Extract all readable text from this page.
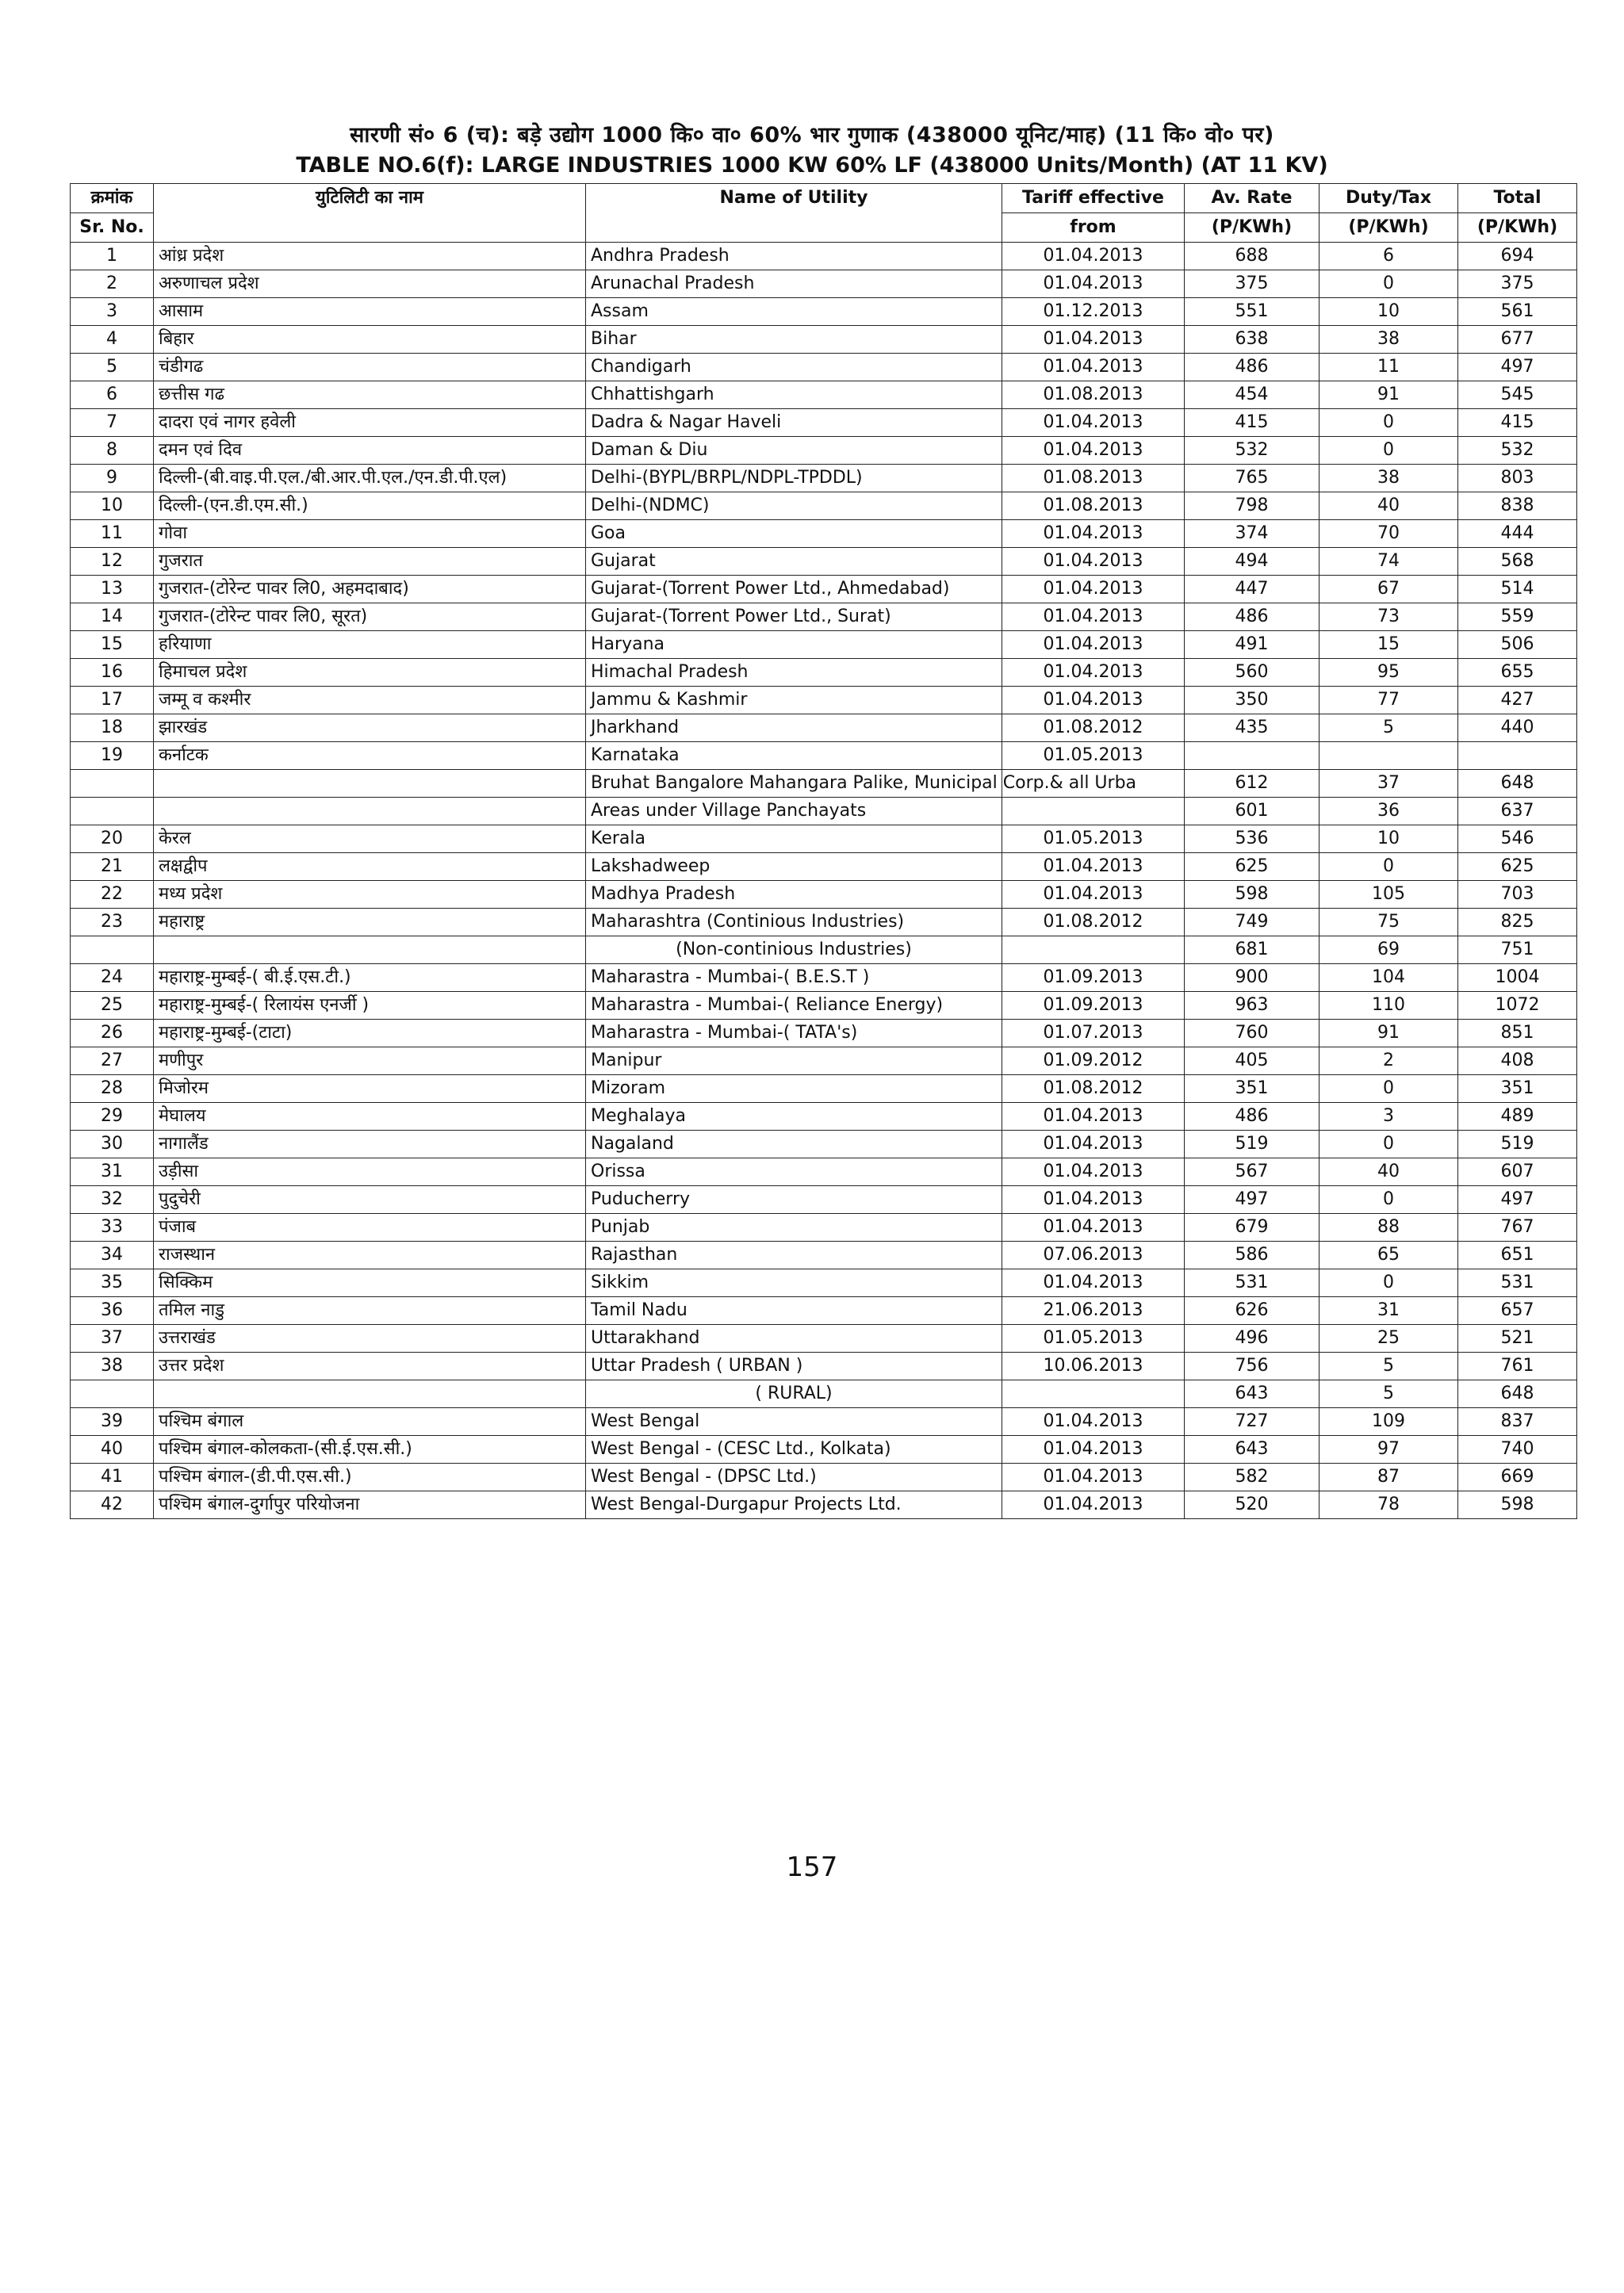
सारणी सं० 6 (च): बड़े उद्योग 1000 कि० वा० 60% भार गुणाक (438000 यूनिट/माह) (11 कि० वो० पर)
TABLE NO.6(f): LARGE INDUSTRIES 1000 KW 60% LF (438000 Units/Month) (AT 11 KV)
क्रमांक	युटिलिटी का नाम	Name of Utility	Tariff effective	Av. Rate	Duty/Tax	Total
Sr. No.			from	(P/KWh)	(P/KWh)	(P/KWh)
1	आंध्र प्रदेश	Andhra Pradesh	01.04.2013	688	6	694
2	अरुणाचल प्रदेश	Arunachal Pradesh	01.04.2013	375	0	375
3	आसाम	Assam	01.12.2013	551	10	561
4	बिहार	Bihar	01.04.2013	638	38	677
5	चंडीगढ	Chandigarh	01.04.2013	486	11	497
6	छत्तीस गढ	Chhattishgarh	01.08.2013	454	91	545
7	दादरा एवं नागर हवेली	Dadra & Nagar Haveli	01.04.2013	415	0	415
8	दमन एवं दिव	Daman & Diu	01.04.2013	532	0	532
9	दिल्ली-(बी.वाइ.पी.एल./बी.आर.पी.एल./एन.डी.पी.एल)	Delhi-(BYPL/BRPL/NDPL-TPDDL)	01.08.2013	765	38	803
10	दिल्ली-(एन.डी.एम.सी.)	Delhi-(NDMC)	01.08.2013	798	40	838
11	गोवा	Goa	01.04.2013	374	70	444
12	गुजरात	Gujarat	01.04.2013	494	74	568
13	गुजरात-(टोरेन्ट पावर लि0, अहमदाबाद)	Gujarat-(Torrent Power Ltd., Ahmedabad)	01.04.2013	447	67	514
14	गुजरात-(टोरेन्ट पावर लि0, सूरत)	Gujarat-(Torrent Power Ltd., Surat)	01.04.2013	486	73	559
15	हरियाणा	Haryana	01.04.2013	491	15	506
16	हिमाचल प्रदेश	Himachal Pradesh	01.04.2013	560	95	655
17	जम्मू व कश्मीर	Jammu & Kashmir	01.04.2013	350	77	427
18	झारखंड	Jharkhand	01.08.2012	435	5	440
19	कर्नाटक	Karnataka	01.05.2013			
		Bruhat Bangalore Mahangara Palike, Municipal Corp.& all Urba		612	37	648
		Areas under Village Panchayats		601	36	637
20	केरल	Kerala	01.05.2013	536	10	546
21	लक्षद्वीप	Lakshadweep	01.04.2013	625	0	625
22	मध्य प्रदेश	Madhya Pradesh	01.04.2013	598	105	703
23	महाराष्ट्र	Maharashtra (Continious Industries)	01.08.2012	749	75	825
		(Non-continious Industries)		681	69	751
24	महाराष्ट्र-मुम्बई-( बी.ई.एस.टी.)	Maharastra - Mumbai-( B.E.S.T )	01.09.2013	900	104	1004
25	महाराष्ट्र-मुम्बई-( रिलायंस एनर्जी )	Maharastra - Mumbai-( Reliance Energy)	01.09.2013	963	110	1072
26	महाराष्ट्र-मुम्बई-(टाटा)	Maharastra - Mumbai-( TATA's)	01.07.2013	760	91	851
27	मणीपुर	Manipur	01.09.2012	405	2	408
28	मिजोरम	Mizoram	01.08.2012	351	0	351
29	मेघालय	Meghalaya	01.04.2013	486	3	489
30	नागालैंड	Nagaland	01.04.2013	519	0	519
31	उड़ीसा	Orissa	01.04.2013	567	40	607
32	पुदुचेरी	Puducherry	01.04.2013	497	0	497
33	पंजाब	Punjab	01.04.2013	679	88	767
34	राजस्थान	Rajasthan	07.06.2013	586	65	651
35	सिक्किम	Sikkim	01.04.2013	531	0	531
36	तमिल नाडु	Tamil Nadu	21.06.2013	626	31	657
37	उत्तराखंड	Uttarakhand	01.05.2013	496	25	521
38	उत्तर प्रदेश	Uttar Pradesh ( URBAN )	10.06.2013	756	5	761
		( RURAL)		643	5	648
39	पश्चिम बंगाल	West Bengal	01.04.2013	727	109	837
40	पश्चिम बंगाल-कोलकता-(सी.ई.एस.सी.)	West Bengal - (CESC Ltd., Kolkata)	01.04.2013	643	97	740
41	पश्चिम बंगाल-(डी.पी.एस.सी.)	West Bengal - (DPSC Ltd.)	01.04.2013	582	87	669
42	पश्चिम बंगाल-दुर्गापुर परियोजना	West Bengal-Durgapur Projects Ltd.	01.04.2013	520	78	598
157
